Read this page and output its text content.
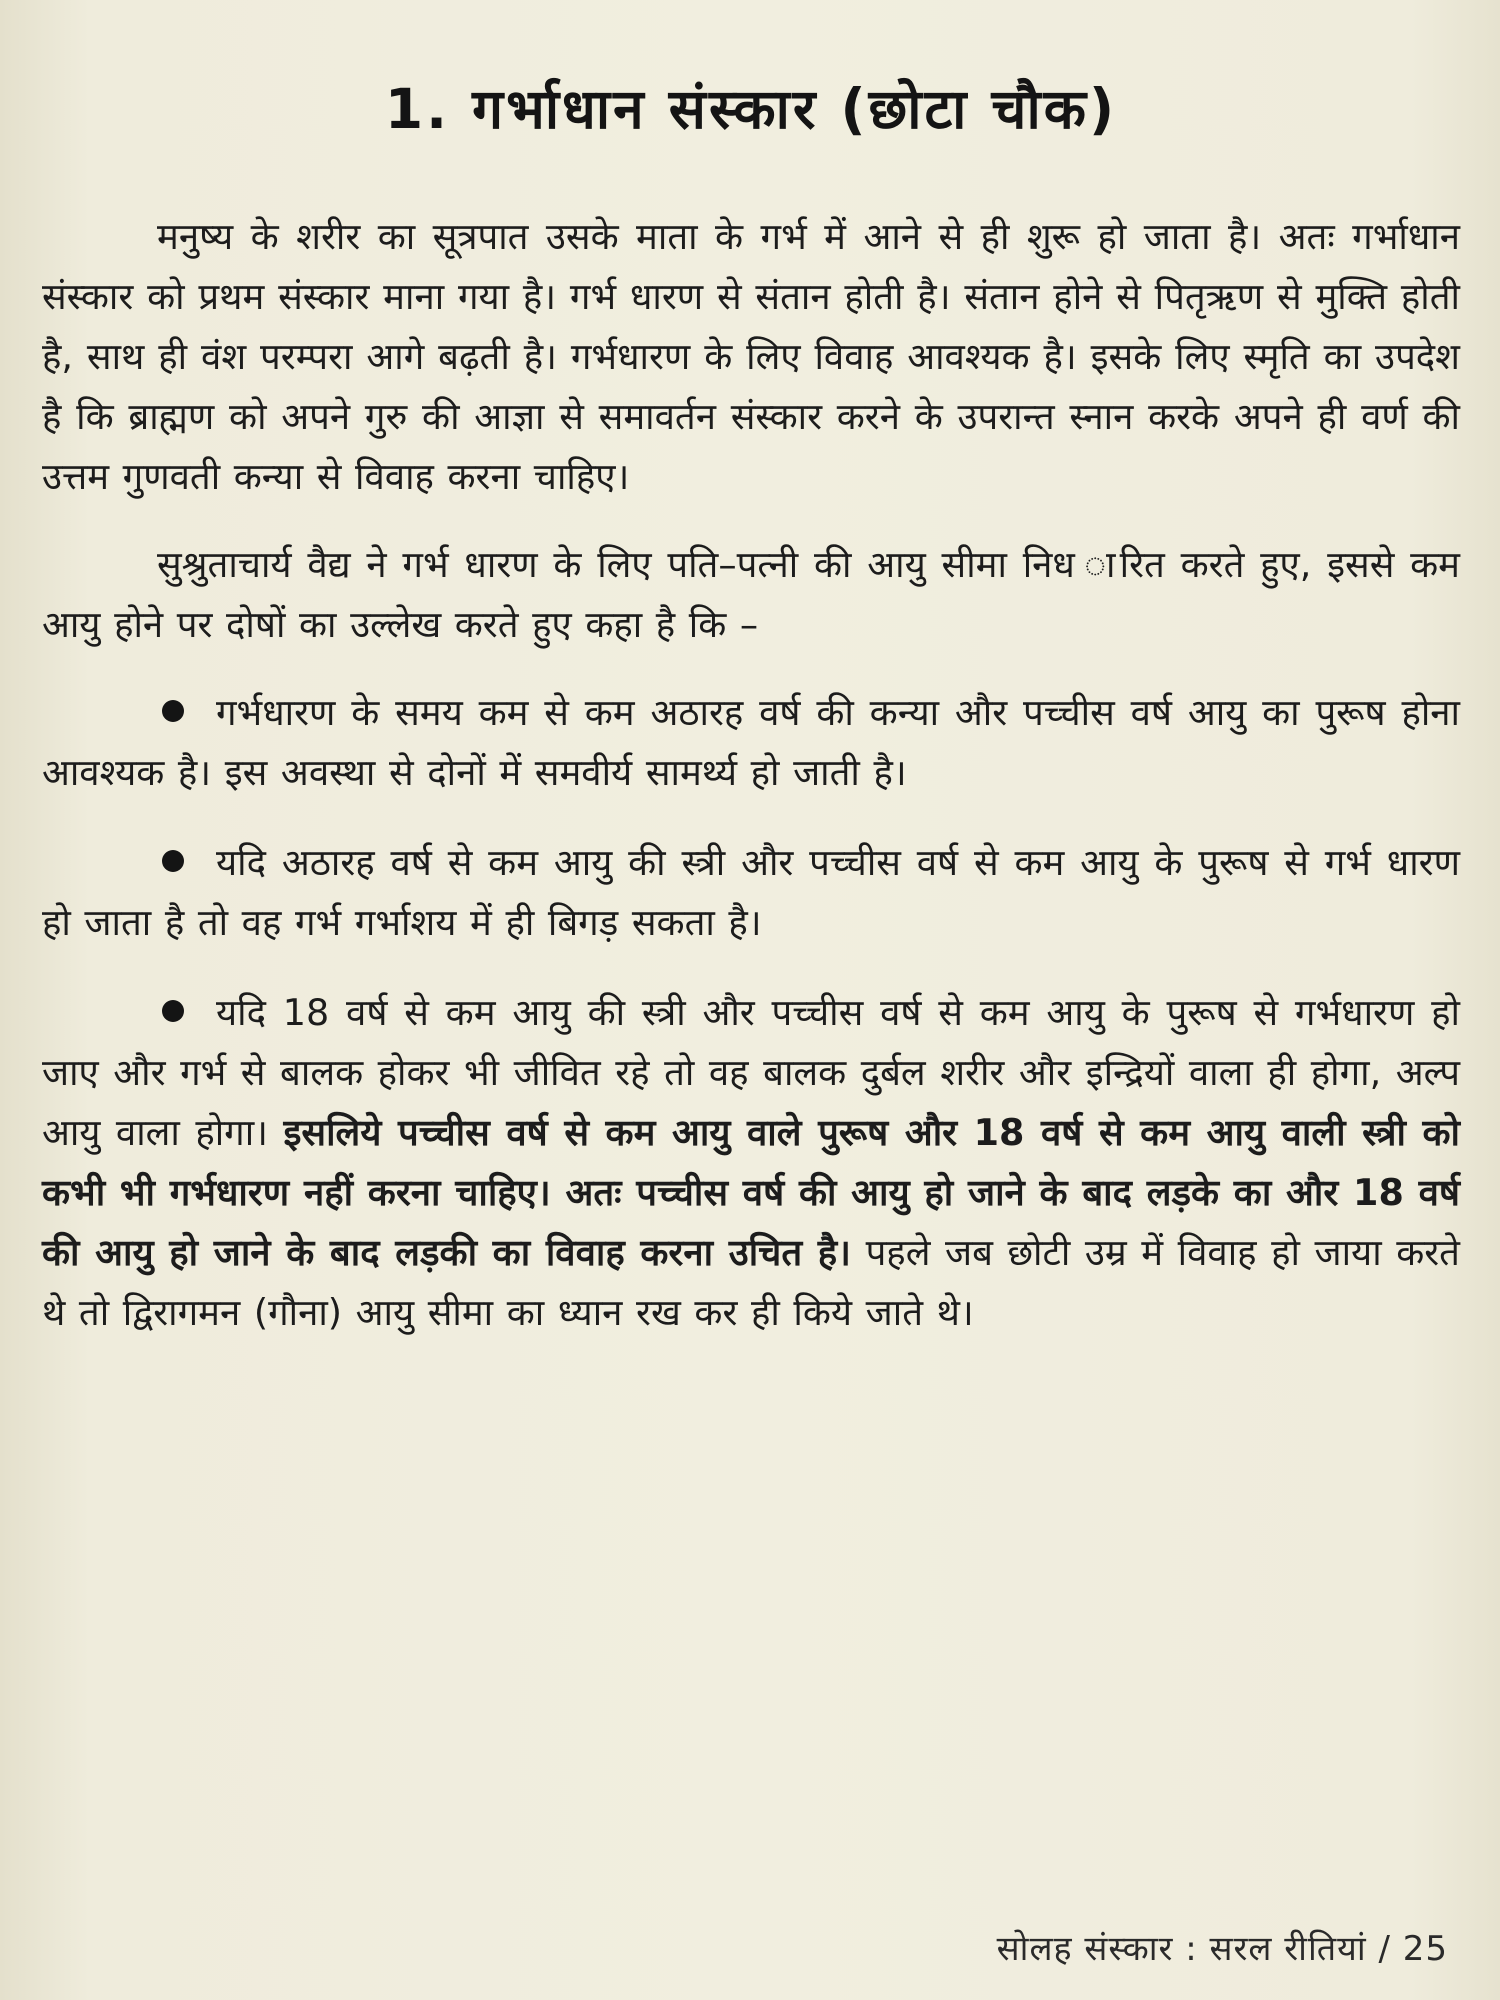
1. गर्भाधान संस्कार (छोटा चौक)

मनुष्य के शरीर का सूत्रपात उसके माता के गर्भ में आने से ही शुरू हो जाता है। अतः गर्भाधान संस्कार को प्रथम संस्कार माना गया है। गर्भ धारण से संतान होती है। संतान होने से पितृऋण से मुक्ति होती है, साथ ही वंश परम्परा आगे बढ़ती है। गर्भधारण के लिए विवाह आवश्यक है। इसके लिए स्मृति का उपदेश है कि ब्राह्मण को अपने गुरु की आज्ञा से समावर्तन संस्कार करने के उपरान्त स्नान करके अपने ही वर्ण की उत्तम गुणवती कन्या से विवाह करना चाहिए।

सुश्रुताचार्य वैद्य ने गर्भ धारण के लिए पति–पत्नी की आयु सीमा निध ारित करते हुए, इससे कम आयु होने पर दोषों का उल्लेख करते हुए कहा है कि –

गर्भधारण के समय कम से कम अठारह वर्ष की कन्या और पच्चीस वर्ष आयु का पुरूष होना आवश्यक है। इस अवस्था से दोनों में समवीर्य सामर्थ्य हो जाती है।

यदि अठारह वर्ष से कम आयु की स्त्री और पच्चीस वर्ष से कम आयु के पुरूष से गर्भ धारण हो जाता है तो वह गर्भ गर्भाशय में ही बिगड़ सकता है।

यदि 18 वर्ष से कम आयु की स्त्री और पच्चीस वर्ष से कम आयु के पुरूष से गर्भधारण हो जाए और गर्भ से बालक होकर भी जीवित रहे तो वह बालक दुर्बल शरीर और इन्द्रियों वाला ही होगा, अल्प आयु वाला होगा। इसलिये पच्चीस वर्ष से कम आयु वाले पुरूष और 18 वर्ष से कम आयु वाली स्त्री को कभी भी गर्भधारण नहीं करना चाहिए। अतः पच्चीस वर्ष की आयु हो जाने के बाद लड़के का और 18 वर्ष की आयु हो जाने के बाद लड़की का विवाह करना उचित है। पहले जब छोटी उम्र में विवाह हो जाया करते थे तो द्विरागमन (गौना) आयु सीमा का ध्यान रख कर ही किये जाते थे।

सोलह संस्कार : सरल रीतियां / 25
